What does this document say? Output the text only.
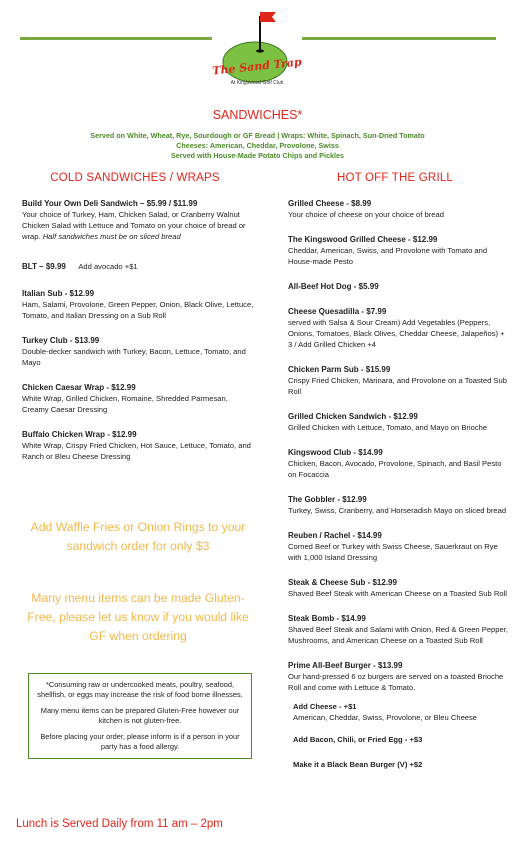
The Sand Trap
At Kingswood Golf Club
SANDWICHES*
Served on White, Wheat, Rye, Sourdough or GF Bread | Wraps: White, Spinach, Sun-Dried Tomato
Cheeses: American, Cheddar, Provolone, Swiss
Served with House-Made Potato Chips and Pickles
COLD SANDWICHES / WRAPS	HOT OFF THE GRILL
Build Your Own Deli Sandwich – $5.99 / $11.99
Your choice of Turkey, Ham, Chicken Salad, or Cranberry Walnut Chicken Salad with Lettuce and Tomato on your choice of bread or wrap. Half sandwiches must be on sliced bread
BLT – $9.99 Add avocado +$1
Italian Sub - $12.99
Ham, Salami, Provolone, Green Pepper, Onion, Black Olive, Lettuce, Tomato, and Italian Dressing on a Sub Roll
Turkey Club - $13.99
Double-decker sandwich with Turkey, Bacon, Lettuce, Tomato, and Mayo
Chicken Caesar Wrap - $12.99
White Wrap, Grilled Chicken, Romaine, Shredded Parmesan, Creamy Caesar Dressing
Buffalo Chicken Wrap - $12.99
White Wrap, Crispy Fried Chicken, Hot Sauce, Lettuce, Tomato, and Ranch or Bleu Cheese Dressing
Add Waffle Fries or Onion Rings to your sandwich order for only $3
Many menu items can be made Gluten-Free, please let us know if you would like GF when ordering

*Consuming raw or undercooked meats, poultry, seafood, shellfish, or eggs may increase the risk of food borne illnesses.

Many menu items can be prepared Gluten-Free however our kitchen is not gluten-free.

Before placing your order, please inform is if a person in your party has a food allergy.

Lunch is Served Daily from 11 am – 2pm
Grilled Cheese - $8.99
Your choice of cheese on your choice of bread
The Kingswood Grilled Cheese - $12.99
Cheddar, American, Swiss, and Provolone with Tomato and House-made Pesto
All-Beef Hot Dog - $5.99
Cheese Quesadilla - $7.99
served with Salsa & Sour Cream) Add Vegetables (Peppers, Onions, Tomatoes, Black Olives, Cheddar Cheese, Jalapeños) + 3 / Add Grilled Chicken +4
Chicken Parm Sub - $15.99
Crispy Fried Chicken, Marinara, and Provolone on a Toasted Sub Roll
Grilled Chicken Sandwich - $12.99
Grilled Chicken with Lettuce, Tomato, and Mayo on Brioche
Kingswood Club - $14.99
Chicken, Bacon, Avocado, Provolone, Spinach, and Basil Pesto on Focaccia
The Gobbler - $12.99
Turkey, Swiss, Cranberry, and Horseradish Mayo on sliced bread
Reuben / Rachel - $14.99
Corned Beef or Turkey with Swiss Cheese, Sauerkraut on Rye with 1,000 Island Dressing
Steak & Cheese Sub - $12.99
Shaved Beef Steak with American Cheese on a Toasted Sub Roll
Steak Bomb - $14.99
Shaved Beef Steak and Salami with Onion, Red & Green Pepper, Mushrooms, and American Cheese on a Toasted Sub Roll
Prime All-Beef Burger - $13.99
Our hand-pressed 6 oz burgers are served on a toasted Brioche Roll and come with Lettuce & Tomato.
Add Cheese - +$1
American, Cheddar, Swiss, Provolone, or Bleu Cheese
Add Bacon, Chili, or Fried Egg - +$3
Make it a Black Bean Burger (V) +$2
